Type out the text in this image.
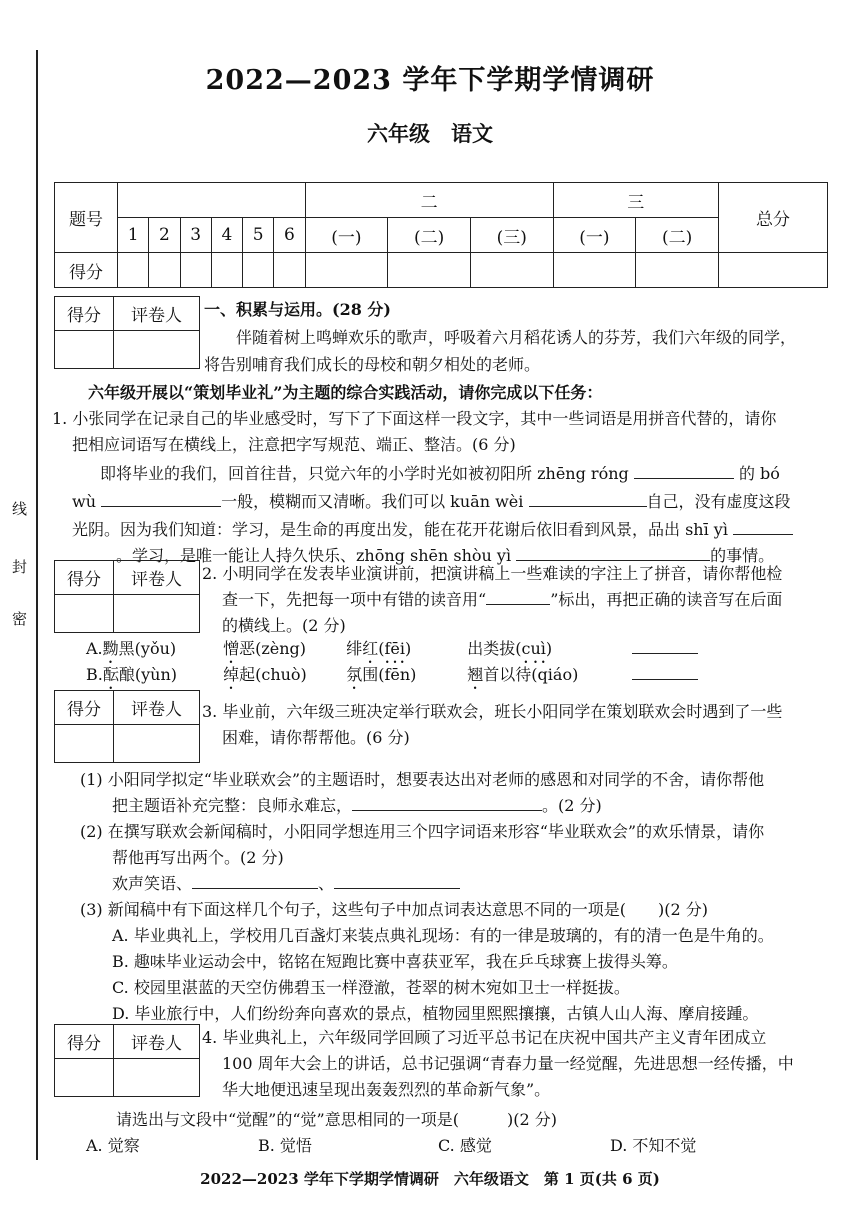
线
封
密
2022—2023 学年下学期学情调研
六年级　语文
题号							二			三		总分
	1	2	3	4	5	6	(一)	(二)	(三)	(一)	(二)	
得分												
得分	评卷人
	一、积累与运用。(28 分)
伴随着树上鸣蝉欢乐的歌声，呼吸着六月稻花诱人的芬芳，我们六年级的同学，
将告别哺育我们成长的母校和朝夕相处的老师。
六年级开展以“策划毕业礼”为主题的综合实践活动，请你完成以下任务：
1. 小张同学在记录自己的毕业感受时，写下了下面这样一段文字，其中一些词语是用拼音代替的，请你
把相应词语写在横线上，注意把字写规范、端正、整洁。(6 分)
即将毕业的我们，回首往昔，只觉六年的小学时光如被初阳所 zhēng róng	的 bó
wù	一般，模糊而又清晰。我们可以 kuān wèi	自己，没有虚度这段
光阴。因为我们知道：学习，是生命的再度出发，能在花开花谢后依旧看到风景，品出 shī yì
。学习，是唯一能让人持久快乐、zhōng shēn shòu yì	的事情。
得分	评卷人
	2. 小明同学在发表毕业演讲前，把演讲稿上一些难读的字注上了拼音，请你帮他检
查一下，先把每一项中有错的读音用“	”标出，再把正确的读音写在后面
的横线上。(2 分)
A.黝黑(yǒu)	憎恶(zèng)	绯红(fēi)	出类拔(cuì)
B.酝酿(yùn)	绰起(chuò) 氛围(fēn)	翘首以待(qiáo)
得分	评卷人
	3. 毕业前，六年级三班决定举行联欢会，班长小阳同学在策划联欢会时遇到了一些
困难，请你帮帮他。(6 分)
(1) 小阳同学拟定“毕业联欢会”的主题语时，想要表达出对老师的感恩和对同学的不舍，请你帮他
把主题语补充完整：良师永难忘，	。(2 分)
(2) 在撰写联欢会新闻稿时，小阳同学想连用三个四字词语来形容“毕业联欢会”的欢乐情景，请你
帮他再写出两个。(2 分)
欢声笑语、	、
(3) 新闻稿中有下面这样几个句子，这些句子中加点词表达意思不同的一项是(　　)(2 分)
A. 毕业典礼上，学校用几百盏灯来装点典礼现场：有的一律是玻璃的，有的清一色是牛角的。
B. 趣味毕业运动会中，铭铭在短跑比赛中喜获亚军，我在乒乓球赛上拔得头筹。
C. 校园里湛蓝的天空仿佛碧玉一样澄澈，苍翠的树木宛如卫士一样挺拔。
D. 毕业旅行中，人们纷纷奔向喜欢的景点，植物园里熙熙攘攘，古镇人山人海、摩肩接踵。
得分	评卷人
	4. 毕业典礼上，六年级同学回顾了习近平总书记在庆祝中国共产主义青年团成立
100 周年大会上的讲话，总书记强调“青春力量一经觉醒，先进思想一经传播，中
华大地便迅速呈现出轰轰烈烈的革命新气象”。
请选出与文段中“觉醒”的“觉”意思相同的一项是(　　　)(2 分)
A. 觉察	B. 觉悟	C. 感觉	D. 不知不觉
2022—2023 学年下学期学情调研　六年级语文　第 1 页(共 6 页)
